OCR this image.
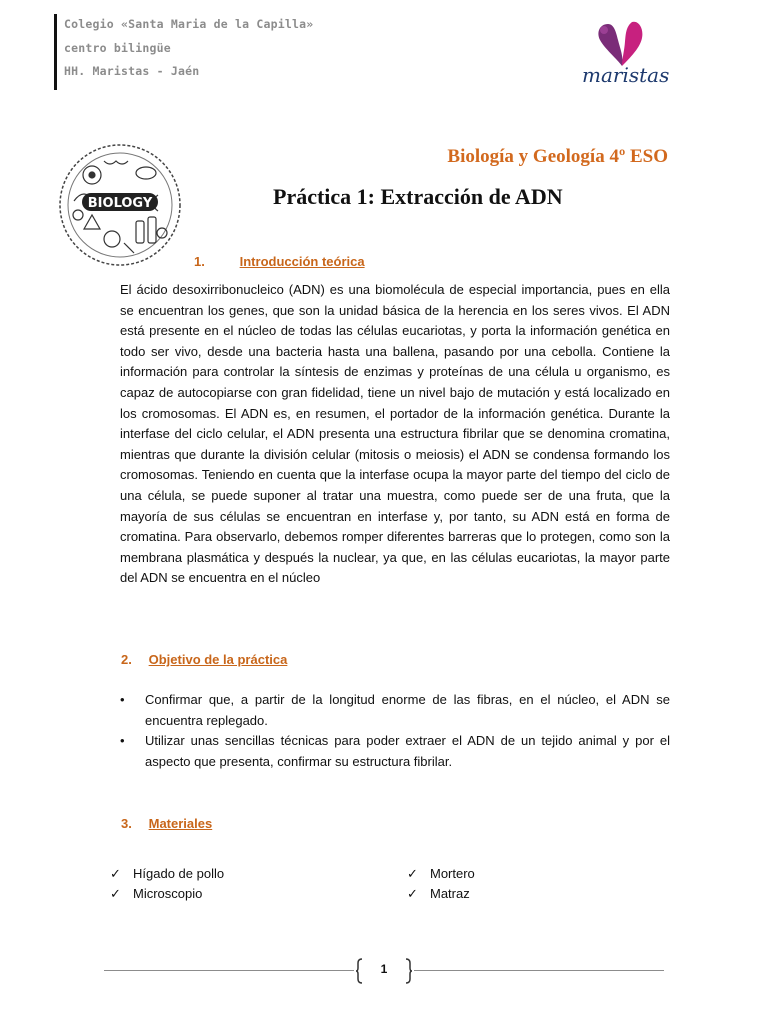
Colegio «Santa Maria de la Capilla»
centro bilingüe
HH. Maristas - Jaén	maristas
BIOLOGY
Biología y Geología 4º ESO
Práctica 1: Extracción de ADN
1.	Introducción teórica
El ácido desoxirribonucleico (ADN) es una biomolécula de especial importancia, pues en ella se encuentran los genes, que son la unidad básica de la herencia en los seres vivos. El ADN está presente en el núcleo de todas las células eucariotas, y porta la información genética en todo ser vivo, desde una bacteria hasta una ballena, pasando por una cebolla. Contiene la información para controlar la síntesis de enzimas y proteínas de una célula u organismo, es capaz de autocopiarse con gran fidelidad, tiene un nivel bajo de mutación y está localizado en los cromosomas. El ADN es, en resumen, el portador de la información genética. Durante la interfase del ciclo celular, el ADN presenta una estructura fibrilar que se denomina cromatina, mientras que durante la división celular (mitosis o meiosis) el ADN se condensa formando los cromosomas. Teniendo en cuenta que la interfase ocupa la mayor parte del tiempo del ciclo de una célula, se puede suponer al tratar una muestra, como puede ser de una fruta, que la mayoría de sus células se encuentran en interfase y, por tanto, su ADN está en forma de cromatina. Para observarlo, debemos romper diferentes barreras que lo protegen, como son la membrana plasmática y después la nuclear, ya que, en las células eucariotas, la mayor parte del ADN se encuentra en el núcleo
2. Objetivo de la práctica
• Confirmar que, a partir de la longitud enorme de las fibras, en el núcleo, el ADN se encuentra replegado.
• Utilizar unas sencillas técnicas para poder extraer el ADN de un tejido animal y por el aspecto que presenta, confirmar su estructura fibrilar.
3. Materiales
✓ Hígado de pollo
✓ Microscopio
✓ Mortero
✓ Matraz
1
